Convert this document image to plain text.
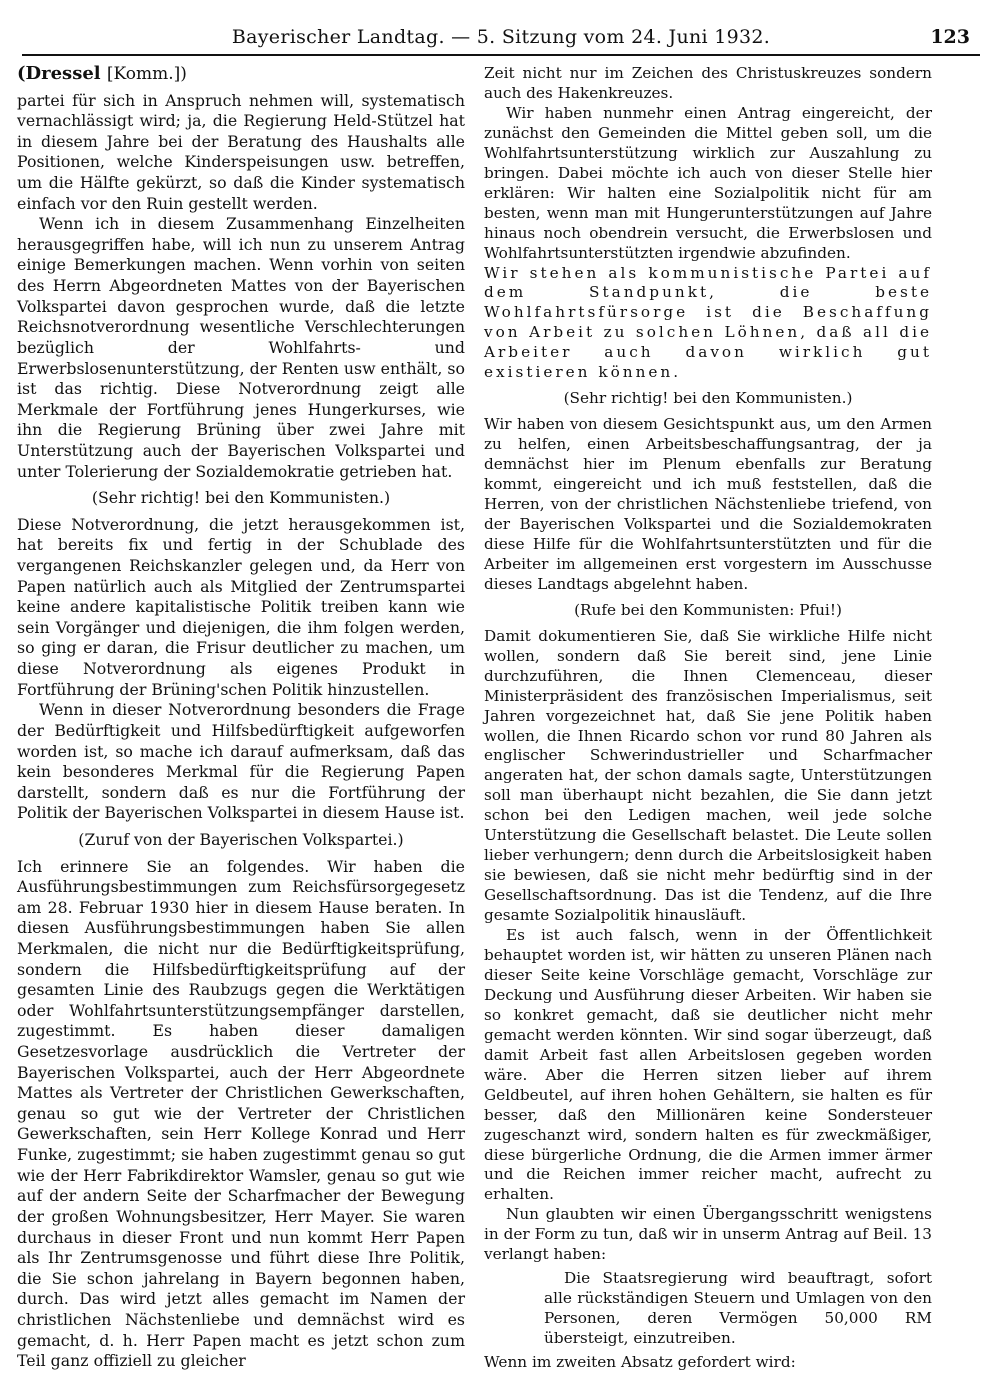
Bayerischer Landtag. — 5. Sitzung vom 24. Juni 1932.	123
(Dressel [Komm.])

partei für sich in Anspruch nehmen will, systematisch vernachlässigt wird; ja, die Regierung Held-Stützel hat in diesem Jahre bei der Beratung des Haushalts alle Positionen, welche Kinderspeisungen usw. betreffen, um die Hälfte gekürzt, so daß die Kinder systematisch einfach vor den Ruin gestellt werden.

Wenn ich in diesem Zusammenhang Einzelheiten herausgegriffen habe, will ich nun zu unserem Antrag einige Bemerkungen machen. Wenn vorhin von seiten des Herrn Abgeordneten Mattes von der Bayerischen Volkspartei davon gesprochen wurde, daß die letzte Reichsnotverordnung wesentliche Verschlechterungen bezüglich der Wohlfahrts- und Erwerbslosenunterstützung, der Renten usw enthält, so ist das richtig. Diese Notverordnung zeigt alle Merkmale der Fortführung jenes Hungerkurses, wie ihn die Regierung Brüning über zwei Jahre mit Unterstützung auch der Bayerischen Volkspartei und unter Tolerierung der Sozialdemokratie getrieben hat.

(Sehr richtig! bei den Kommunisten.)

Diese Notverordnung, die jetzt herausgekommen ist, hat bereits fix und fertig in der Schublade des vergangenen Reichskanzler gelegen und, da Herr von Papen natürlich auch als Mitglied der Zentrumspartei keine andere kapitalistische Politik treiben kann wie sein Vorgänger und diejenigen, die ihm folgen werden, so ging er daran, die Frisur deutlicher zu machen, um diese Notverordnung als eigenes Produkt in Fortführung der Brüning'schen Politik hinzustellen.

Wenn in dieser Notverordnung besonders die Frage der Bedürftigkeit und Hilfsbedürftigkeit aufgeworfen worden ist, so mache ich darauf aufmerksam, daß das kein besonderes Merkmal für die Regierung Papen darstellt, sondern daß es nur die Fortführung der Politik der Bayerischen Volkspartei in diesem Hause ist.

(Zuruf von der Bayerischen Volkspartei.)

Ich erinnere Sie an folgendes. Wir haben die Ausführungsbestimmungen zum Reichsfürsorgegesetz am 28. Februar 1930 hier in diesem Hause beraten. In diesen Ausführungsbestimmungen haben Sie allen Merkmalen, die nicht nur die Bedürftigkeitsprüfung, sondern die Hilfsbedürftigkeitsprüfung auf der gesamten Linie des Raubzugs gegen die Werktätigen oder Wohlfahrtsunterstützungsempfänger darstellen, zugestimmt. Es haben dieser damaligen Gesetzesvorlage ausdrücklich die Vertreter der Bayerischen Volkspartei, auch der Herr Abgeordnete Mattes als Vertreter der Christlichen Gewerkschaften, genau so gut wie der Vertreter der Christlichen Gewerkschaften, sein Herr Kollege Konrad und Herr Funke, zugestimmt; sie haben zugestimmt genau so gut wie der Herr Fabrikdirektor Wamsler, genau so gut wie auf der andern Seite der Scharfmacher der Bewegung der großen Wohnungsbesitzer, Herr Mayer. Sie waren durchaus in dieser Front und nun kommt Herr Papen als Ihr Zentrumsgenosse und führt diese Ihre Politik, die Sie schon jahrelang in Bayern begonnen haben, durch. Das wird jetzt alles gemacht im Namen der christlichen Nächstenliebe und demnächst wird es gemacht, d. h. Herr Papen macht es jetzt schon zum Teil ganz offiziell zu gleicher

Zeit nicht nur im Zeichen des Christuskreuzes sondern auch des Hakenkreuzes.

Wir haben nunmehr einen Antrag eingereicht, der zunächst den Gemeinden die Mittel geben soll, um die Wohlfahrtsunterstützung wirklich zur Auszahlung zu bringen. Dabei möchte ich auch von dieser Stelle hier erklären: Wir halten eine Sozialpolitik nicht für am besten, wenn man mit Hungerunterstützungen auf Jahre hinaus noch obendrein versucht, die Erwerbslosen und Wohlfahrtsunterstützten irgendwie abzufinden.

Wir stehen als kommunistische Partei auf dem Standpunkt, die beste Wohlfahrtsfürsorge ist die Beschaffung von Arbeit zu solchen Löhnen, daß all die Arbeiter auch davon wirklich gut existieren können.

(Sehr richtig! bei den Kommunisten.)

Wir haben von diesem Gesichtspunkt aus, um den Armen zu helfen, einen Arbeitsbeschaffungsantrag, der ja demnächst hier im Plenum ebenfalls zur Beratung kommt, eingereicht und ich muß feststellen, daß die Herren, von der christlichen Nächstenliebe triefend, von der Bayerischen Volkspartei und die Sozialdemokraten diese Hilfe für die Wohlfahrtsunterstützten und für die Arbeiter im allgemeinen erst vorgestern im Ausschusse dieses Landtags abgelehnt haben.

(Rufe bei den Kommunisten: Pfui!)

Damit dokumentieren Sie, daß Sie wirkliche Hilfe nicht wollen, sondern daß Sie bereit sind, jene Linie durchzuführen, die Ihnen Clemenceau, dieser Ministerpräsident des französischen Imperialismus, seit Jahren vorgezeichnet hat, daß Sie jene Politik haben wollen, die Ihnen Ricardo schon vor rund 80 Jahren als englischer Schwerindustrieller und Scharfmacher angeraten hat, der schon damals sagte, Unterstützungen soll man überhaupt nicht bezahlen, die Sie dann jetzt schon bei den Ledigen machen, weil jede solche Unterstützung die Gesellschaft belastet. Die Leute sollen lieber verhungern; denn durch die Arbeitslosigkeit haben sie bewiesen, daß sie nicht mehr bedürftig sind in der Gesellschaftsordnung. Das ist die Tendenz, auf die Ihre gesamte Sozialpolitik hinausläuft.

Es ist auch falsch, wenn in der Öffentlichkeit behauptet worden ist, wir hätten zu unseren Plänen nach dieser Seite keine Vorschläge gemacht, Vorschläge zur Deckung und Ausführung dieser Arbeiten. Wir haben sie so konkret gemacht, daß sie deutlicher nicht mehr gemacht werden könnten. Wir sind sogar überzeugt, daß damit Arbeit fast allen Arbeitslosen gegeben worden wäre. Aber die Herren sitzen lieber auf ihrem Geldbeutel, auf ihren hohen Gehältern, sie halten es für besser, daß den Millionären keine Sondersteuer zugeschanzt wird, sondern halten es für zweckmäßiger, diese bürgerliche Ordnung, die die Armen immer ärmer und die Reichen immer reicher macht, aufrecht zu erhalten.

Nun glaubten wir einen Übergangsschritt wenigstens in der Form zu tun, daß wir in unserm Antrag auf Beil. 13 verlangt haben:

Die Staatsregierung wird beauftragt, sofort alle rückständigen Steuern und Umlagen von den Personen, deren Vermögen 50,000 RM übersteigt, einzutreiben.

Wenn im zweiten Absatz gefordert wird:
